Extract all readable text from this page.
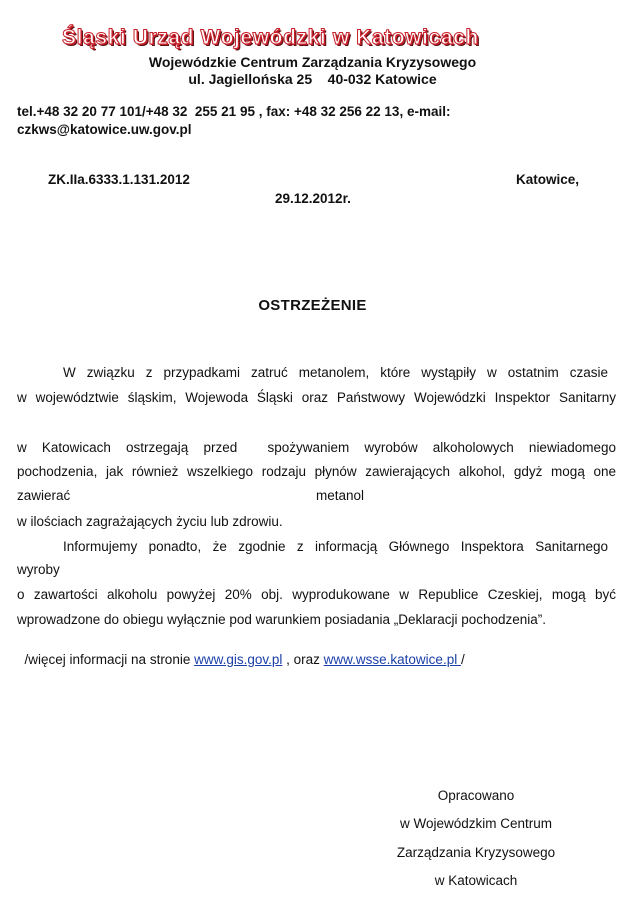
Śląski Urząd Wojewódzki w Katowicach
Wojewódzkie Centrum Zarządzania Kryzysowego
ul. Jagiellońska 25    40-032 Katowice
tel.+48 32 20 77 101/+48 32  255 21 95 , fax: +48 32 256 22 13, e-mail:
czkws@katowice.uw.gov.pl
ZK.IIa.6333.1.131.2012	Katowice,
29.12.2012r.
OSTRZEŻENIE
W związku z przypadkami zatruć metanolem, które wystąpiły w ostatnim czasie
w województwie śląskim, Wojewoda Śląski oraz Państwowy Wojewódzki Inspektor Sanitarny
w Katowicach ostrzegają przed  spożywaniem wyrobów alkoholowych niewiadomego
pochodzenia, jak również wszelkiego rodzaju płynów zawierających alkohol, gdyż mogą one
zawierać	metanol
w ilościach zagrażających życiu lub zdrowiu.
Informujemy ponadto, że zgodnie z informacją Głównego Inspektora Sanitarnego
wyroby
o zawartości alkoholu powyżej 20% obj. wyprodukowane w Republice Czeskiej, mogą być
wprowadzone do obiegu wyłącznie pod warunkiem posiadania „Deklaracji pochodzenia”.

/więcej informacji na stronie www.gis.gov.pl , oraz www.wsse.katowice.pl /

Opracowano
w Wojewódzkim Centrum
Zarządzania Kryzysowego
w Katowicach
